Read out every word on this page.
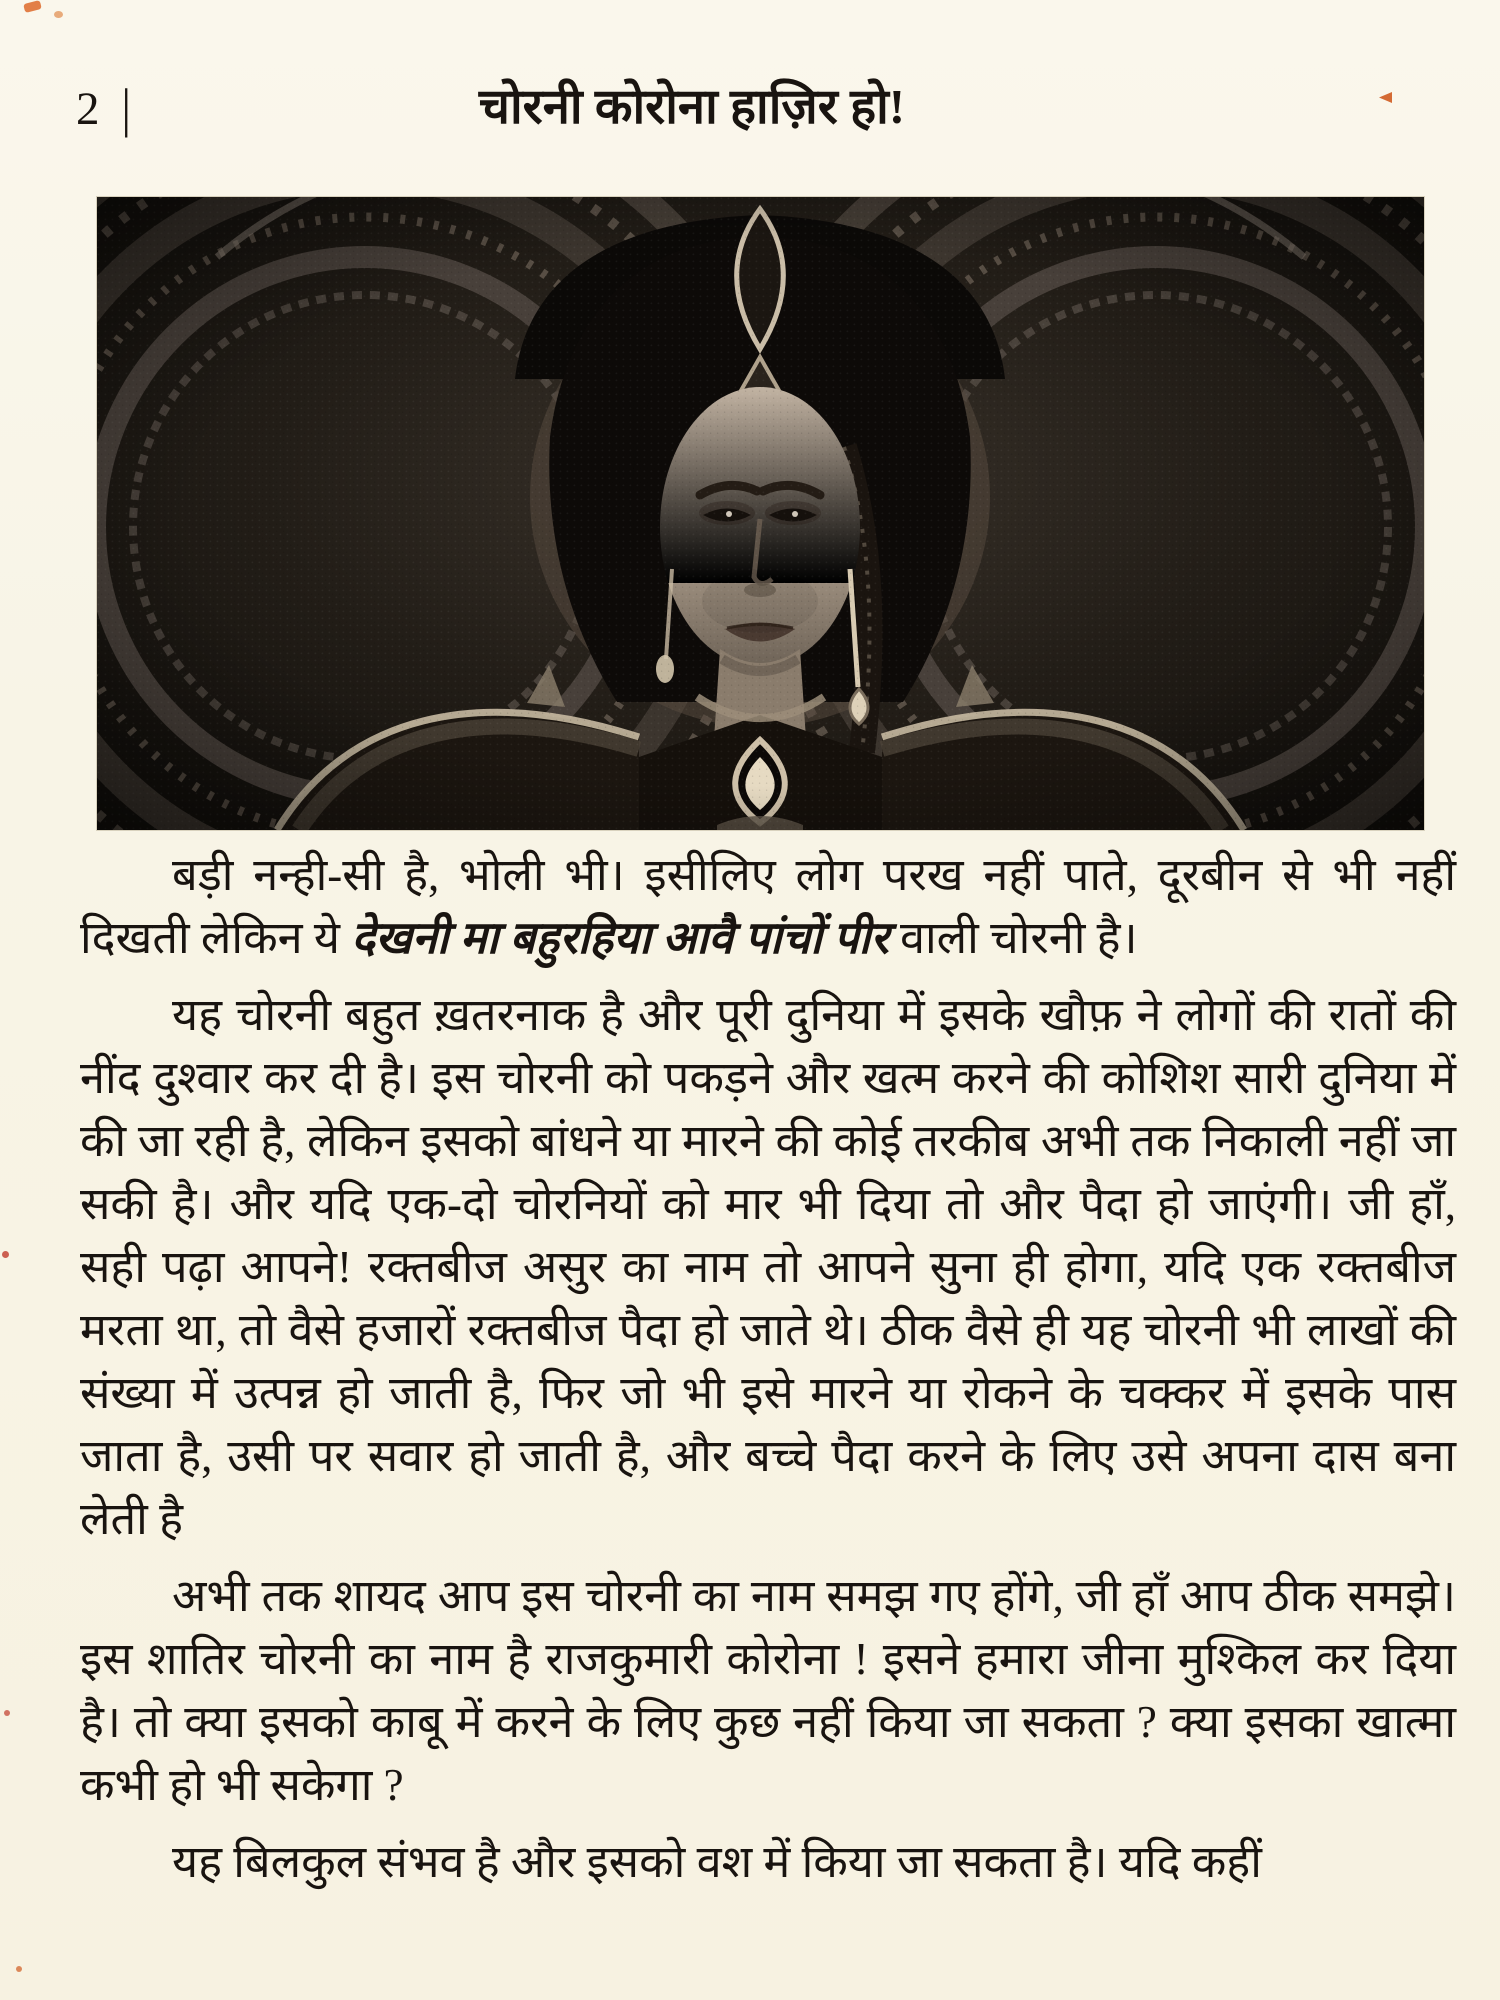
2 |	चोरनी कोरोना हाज़िर हो!

बड़ी नन्ही-सी है, भोली भी। इसीलिए लोग परख नहीं पाते, दूरबीन से भी नहीं दिखती लेकिन ये देखनी मा बहुरहिया आवै पांचों पीर वाली चोरनी है।

यह चोरनी बहुत ख़तरनाक है और पूरी दुनिया में इसके खौफ़ ने लोगों की रातों की नींद दुश्वार कर दी है। इस चोरनी को पकड़ने और खत्म करने की कोशिश सारी दुनिया में की जा रही है, लेकिन इसको बांधने या मारने की कोई तरकीब अभी तक निकाली नहीं जा सकी है। और यदि एक-दो चोरनियों को मार भी दिया तो और पैदा हो जाएंगी। जी हाँ, सही पढ़ा आपने! रक्तबीज असुर का नाम तो आपने सुना ही होगा, यदि एक रक्तबीज मरता था, तो वैसे हजारों रक्तबीज पैदा हो जाते थे। ठीक वैसे ही यह चोरनी भी लाखों की संख्या में उत्पन्न हो जाती है, फिर जो भी इसे मारने या रोकने के चक्कर में इसके पास जाता है, उसी पर सवार हो जाती है, और बच्चे पैदा करने के लिए उसे अपना दास बना लेती है

अभी तक शायद आप इस चोरनी का नाम समझ गए होंगे, जी हाँ आप ठीक समझे। इस शातिर चोरनी का नाम है राजकुमारी कोरोना ! इसने हमारा जीना मुश्किल कर दिया है। तो क्या इसको काबू में करने के लिए कुछ नहीं किया जा सकता ? क्या इसका खात्मा कभी हो भी सकेगा ?

यह बिलकुल संभव है और इसको वश में किया जा सकता है। यदि कहीं
